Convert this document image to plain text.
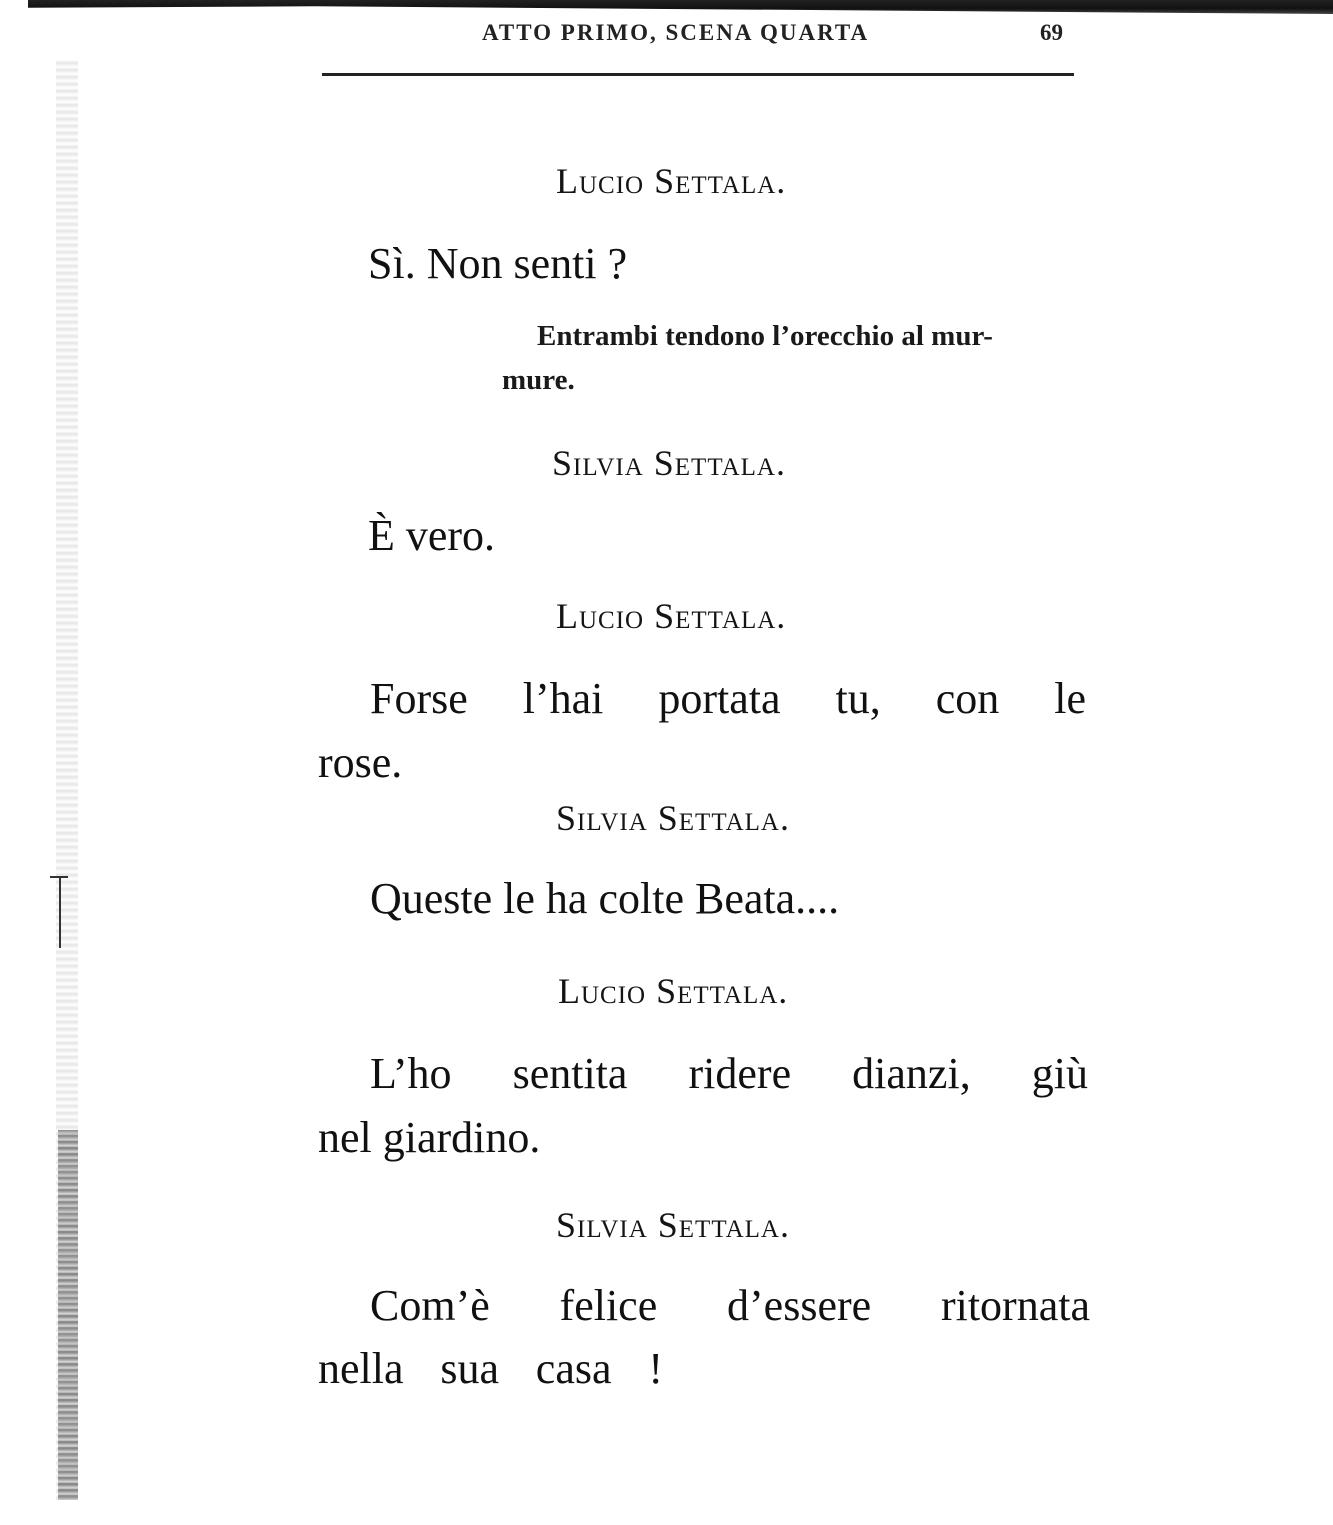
ATTO PRIMO, SCENA QUARTA	69
Lucio Settala.
Sì. Non senti ?
Entrambi tendono l’orecchio al mur-
mure.
Silvia Settala.
È vero.
Lucio Settala.
Forse l’hai portata tu, con le
rose.
Silvia Settala.
Queste le ha colte Beata....
Lucio Settala.
L’ho sentita ridere dianzi, giù
nel giardino.
Silvia Settala.
Com’è felice d’essere ritornata
nella sua casa !
